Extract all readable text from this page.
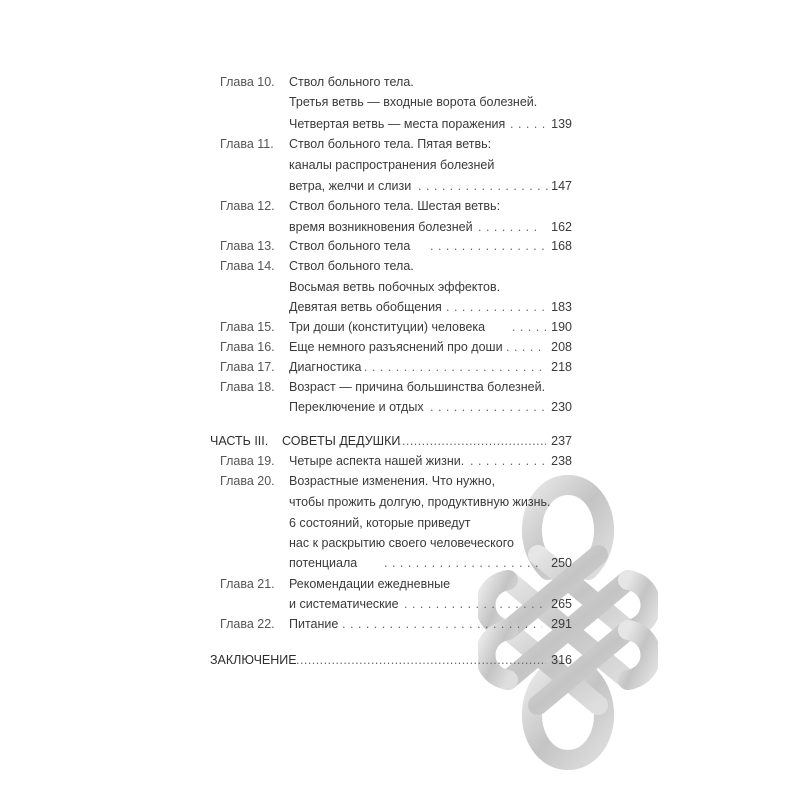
Глава 10. Ствол больного тела.
Третья ветвь — входные ворота болезней.
Четвертая ветвь — места поражения . . .	139
Глава 11. Ствол больного тела. Пятая ветвь:
каналы распространения болезней
ветра, желчи и слизи . . .	147
Глава 12. Ствол больного тела. Шестая ветвь:
время возникновения болезней . . .	162
Глава 13. Ствол больного тела . . .	168
Глава 14. Ствол больного тела.
Восьмая ветвь побочных эффектов.
Девятая ветвь обобщения . . .	183
Глава 15. Три доши (конституции) человека . . .	190
Глава 16. Еще немного разъяснений про доши . . .	208
Глава 17. Диагностика . . .	218
Глава 18. Возраст — причина большинства болезней.
Переключение и отдых . . .	230
ЧАСТЬ III. СОВЕТЫ ДЕДУШКИ . . .	237
Глава 19. Четыре аспекта нашей жизни. . . .	238
Глава 20. Возрастные изменения. Что нужно,
чтобы прожить долгую, продуктивную жизнь.
6 состояний, которые приведут
нас к раскрытию своего человеческого
потенциала . . .	250
Глава 21. Рекомендации ежедневные
и систематические . . .	265
Глава 22. Питание . . .	291
ЗАКЛЮЧЕНИЕ . . .	316
